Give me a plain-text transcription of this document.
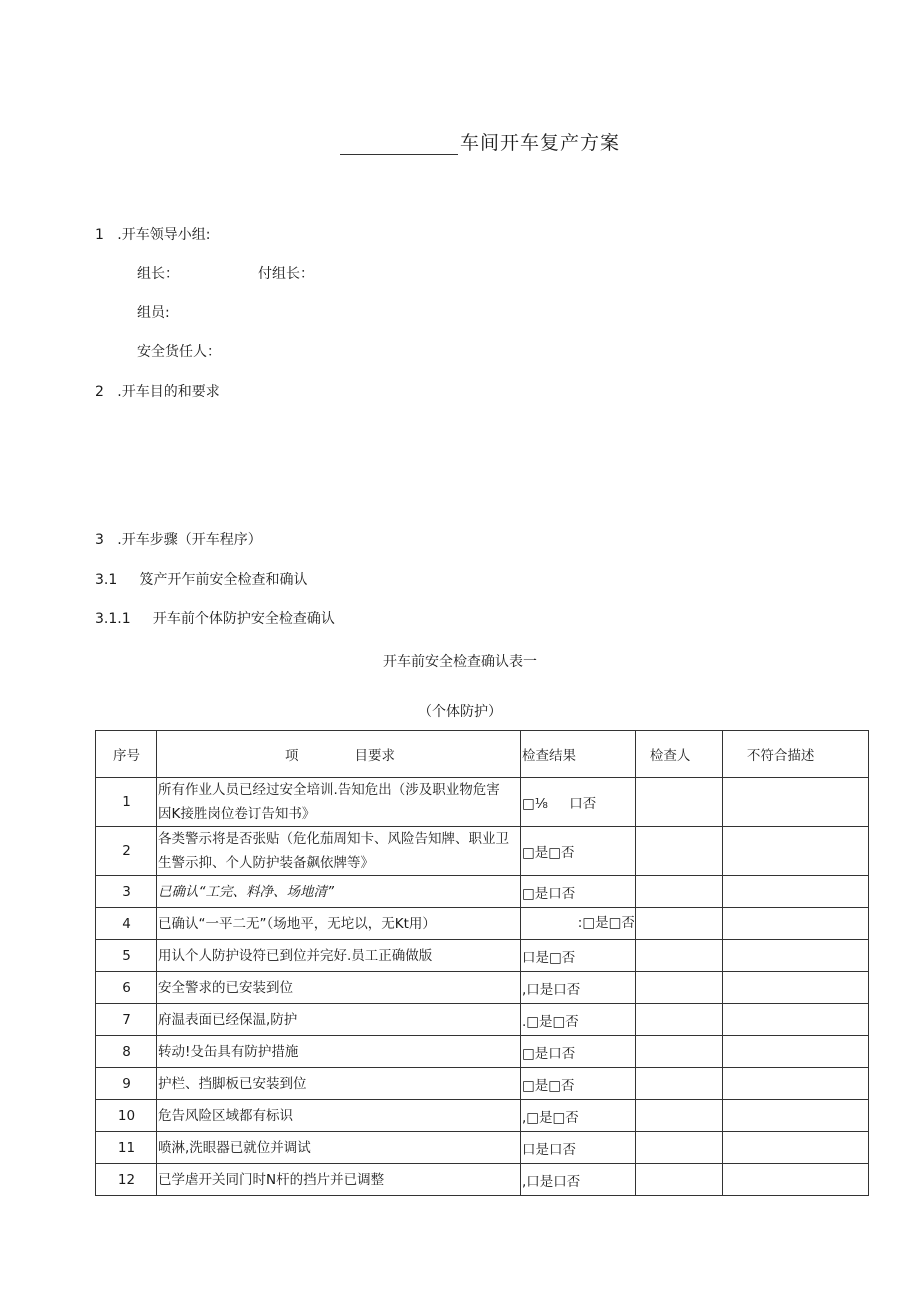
车间开车复产方案
1   .开车领导小组:
组长：	付组长：
组员:
安全货任人：
2   .开车目的和要求
3   .开车步骤（开车程序）
3.1     笈产开乍前安全检查和确认
3.1.1     开车前个体防护安全检查确认
开车前安全检查确认表一
（个体防护）
序号	项 目要求	检查结果	检查人	不符合描述
1	所有作业人员已经过安全培训.告知危出（涉及职业物危害
因K接胜岗位卷订告知书》	□⅛     口否		
2	各类警示将是否张贴（危化茄周知卡、风险告知牌、职业卫
生警示抑、个人防护装备飙依牌等》	□是□否		
3	已确认“工完、料净、场地清”	□是口否		
4	已确认“一平二无”（场地平，无坨以，无Kt用）	:□是□否		
5	用认个人防护设符已到位并完好.员工正确做版	口是□否		
6	安全警求的已安装到位	,口是口否		
7	府温表面已经保温,防护	.□是□否		
8	转动!殳缶具有防护措施	□是口否		
9	护栏、挡脚板已安装到位	□是□否		
10	危告风险区域都有标识	,□是□否		
11	喷淋,洗眼器已就位并调试	口是口否		
12	已学虐开关同门时N杆的挡片并已调整	,口是口否		
